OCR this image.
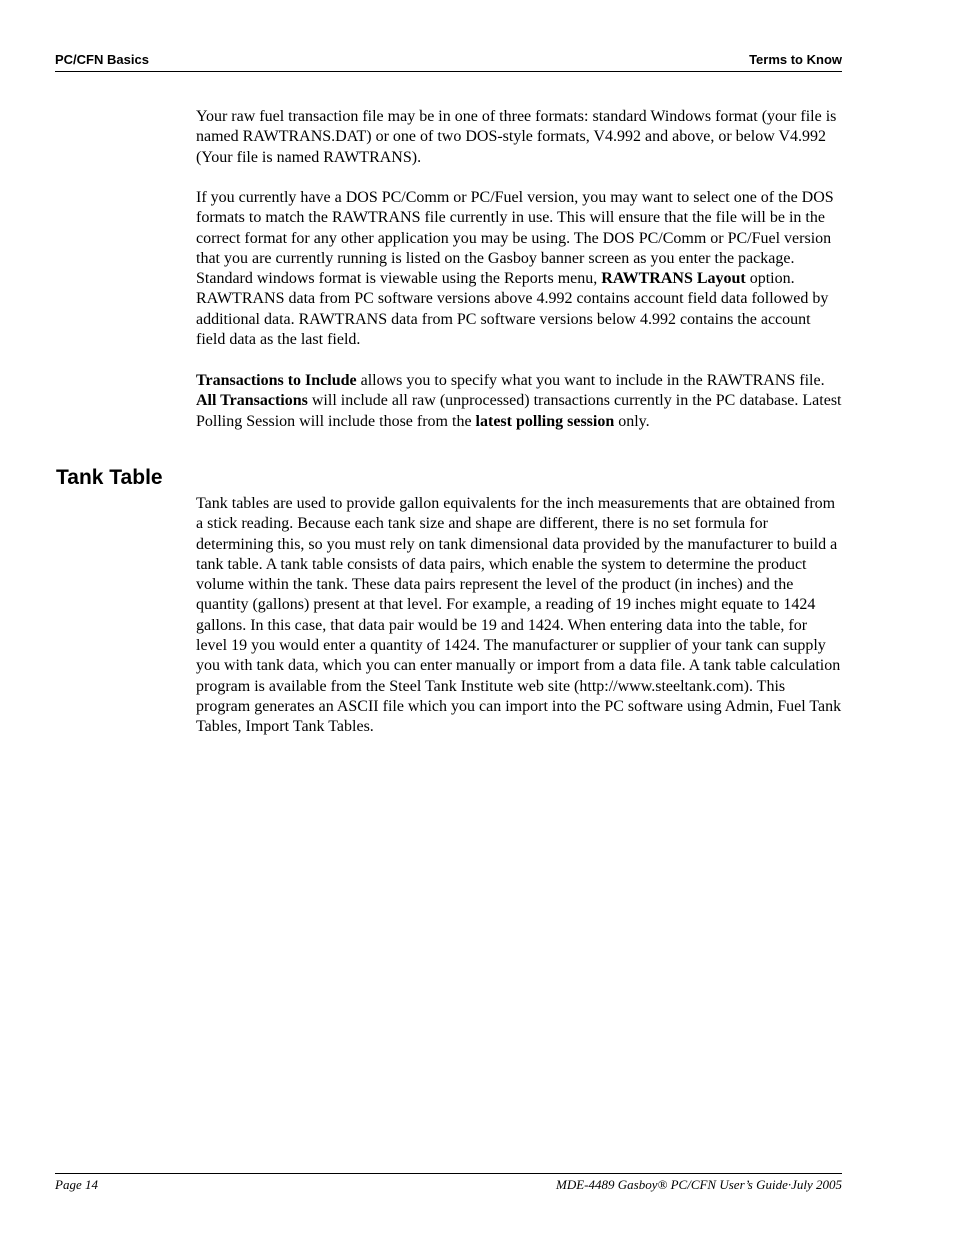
PC/CFN Basics	Terms to Know

Your raw fuel transaction file may be in one of three formats: standard Windows format (your file is named RAWTRANS.DAT) or one of two DOS-style formats, V4.992 and above, or below V4.992 (Your file is named RAWTRANS).

If you currently have a DOS PC/Comm or PC/Fuel version, you may want to select one of the DOS formats to match the RAWTRANS file currently in use. This will ensure that the file will be in the correct format for any other application you may be using. The DOS PC/Comm or PC/Fuel version that you are currently running is listed on the Gasboy banner screen as you enter the package. Standard windows format is viewable using the Reports menu, RAWTRANS Layout option. RAWTRANS data from PC software versions above 4.992 contains account field data followed by additional data. RAWTRANS data from PC software versions below 4.992 contains the account field data as the last field.

Transactions to Include allows you to specify what you want to include in the RAWTRANS file. All Transactions will include all raw (unprocessed) transactions currently in the PC database. Latest Polling Session will include those from the latest polling session only.

Tank Table

Tank tables are used to provide gallon equivalents for the inch measurements that are obtained from a stick reading. Because each tank size and shape are different, there is no set formula for determining this, so you must rely on tank dimensional data provided by the manufacturer to build a tank table. A tank table consists of data pairs, which enable the system to determine the product volume within the tank. These data pairs represent the level of the product (in inches) and the quantity (gallons) present at that level. For example, a reading of 19 inches might equate to 1424 gallons. In this case, that data pair would be 19 and 1424. When entering data into the table, for level 19 you would enter a quantity of 1424. The manufacturer or supplier of your tank can supply you with tank data, which you can enter manually or import from a data file. A tank table calculation program is available from the Steel Tank Institute web site (http://www.steeltank.com). This program generates an ASCII file which you can import into the PC software using Admin, Fuel Tank Tables, Import Tank Tables.

Page 14	MDE-4489 Gasboy® PC/CFN User’s Guide·July 2005
